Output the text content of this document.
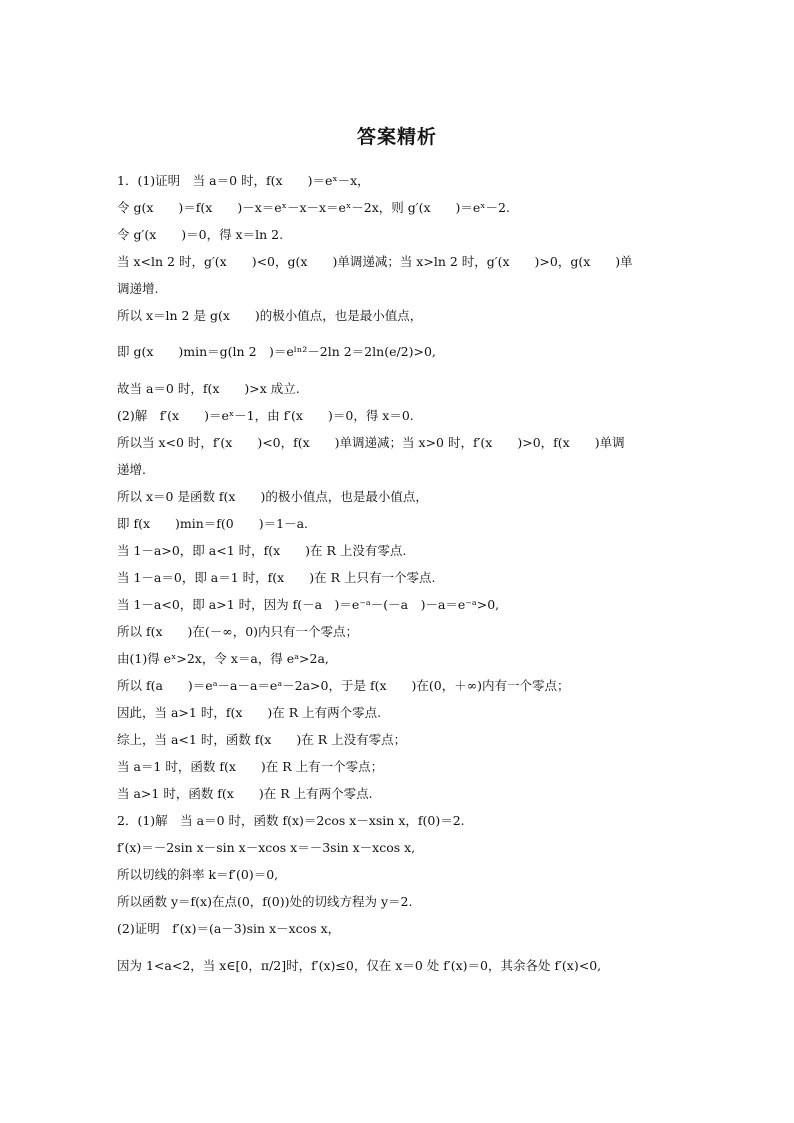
答案精析
1．(1)证明　当 a＝0 时，f(x　　)＝eˣ－x，
令 g(x　　)＝f(x　　)－x＝eˣ－x－x＝eˣ－2x，则 g′(x　　)＝eˣ－2.
令 g′(x　　)＝0，得 x＝ln 2.
当 x<ln 2 时，g′(x　　)<0，g(x　　)单调递减；当 x>ln 2 时，g′(x　　)>0，g(x　　)单
调递增.
所以 x＝ln 2 是 g(x　　)的极小值点，也是最小值点，
即 g(x　　)min＝g(ln 2　)＝eˡⁿ²－2ln 2＝2ln(e/2)>0,
故当 a＝0 时，f(x　　)>x 成立.
(2)解　f′(x　　)＝eˣ－1，由 f′(x　　)＝0，得 x＝0.
所以当 x<0 时，f′(x　　)<0，f(x　　)单调递减；当 x>0 时，f′(x　　)>0，f(x　　)单调
递增.
所以 x＝0 是函数 f(x　　)的极小值点，也是最小值点，
即 f(x　　)min＝f(0　　)＝1－a.
当 1－a>0，即 a<1 时，f(x　　)在 R 上没有零点.
当 1－a＝0，即 a＝1 时，f(x　　)在 R 上只有一个零点.
当 1－a<0，即 a>1 时，因为 f(－a　)＝e⁻ᵃ－(－a　)－a＝e⁻ᵃ>0,
所以 f(x　　)在(－∞，0)内只有一个零点；
由(1)得 eˣ>2x，令 x＝a，得 eᵃ>2a,
所以 f(a　　)＝eᵃ－a－a＝eᵃ－2a>0，于是 f(x　　)在(0，＋∞)内有一个零点；
因此，当 a>1 时，f(x　　)在 R 上有两个零点.
综上，当 a<1 时，函数 f(x　　)在 R 上没有零点；
当 a＝1 时，函数 f(x　　)在 R 上有一个零点；
当 a>1 时，函数 f(x　　)在 R 上有两个零点.
2．(1)解　当 a＝0 时，函数 f(x)＝2cos x－xsin x，f(0)＝2.
f′(x)＝－2sin x－sin x－xcos x＝－3sin x－xcos x,
所以切线的斜率 k＝f′(0)＝0,
所以函数 y＝f(x)在点(0，f(0))处的切线方程为 y＝2.
(2)证明　f′(x)＝(a－3)sin x－xcos x，
因为 1<a<2，当 x∈[0，π/2]时，f′(x)≤0，仅在 x＝0 处 f′(x)＝0，其余各处 f′(x)<0,
